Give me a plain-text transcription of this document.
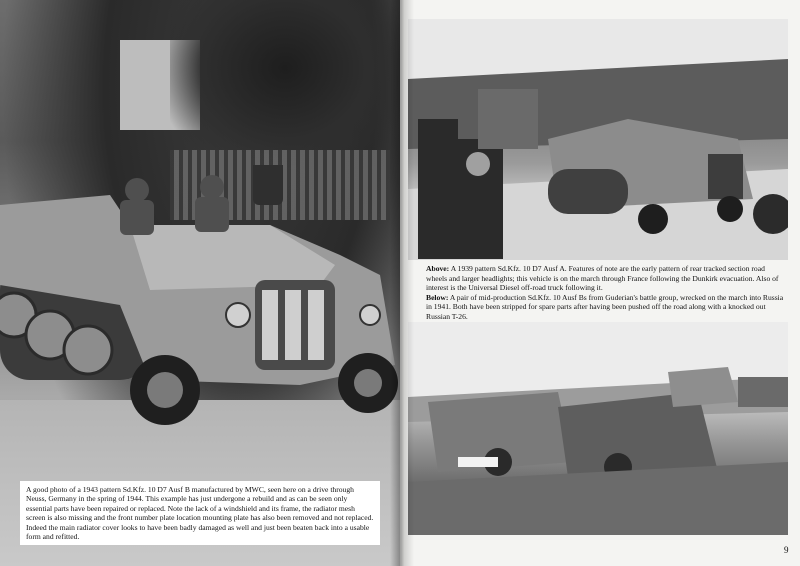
A good photo of a 1943 pattern Sd.Kfz. 10 D7 Ausf B manufactured by MWC, seen here on a drive through Neuss, Germany in the spring of 1944. This example has just undergone a rebuild and as can be seen only essential parts have been repaired or replaced. Note the lack of a windshield and its frame, the radiator mesh screen is also missing and the front number plate location mounting plate has also been removed and not replaced. Indeed the main radiator cover looks to have been badly damaged as well and just been beaten back into a usable form and refitted.

Above: A 1939 pattern Sd.Kfz. 10 D7 Ausf A. Features of note are the early pattern of rear tracked section road wheels and larger headlights; this vehicle is on the march through France following the Dunkirk evacuation. Also of interest is the Universal Diesel off-road truck following it.

Below: A pair of mid-production Sd.Kfz. 10 Ausf Bs from Guderian's battle group, wrecked on the march into Russia in 1941. Both have been stripped for spare parts after having been pushed off the road along with a knocked out Russian T-26.

9
